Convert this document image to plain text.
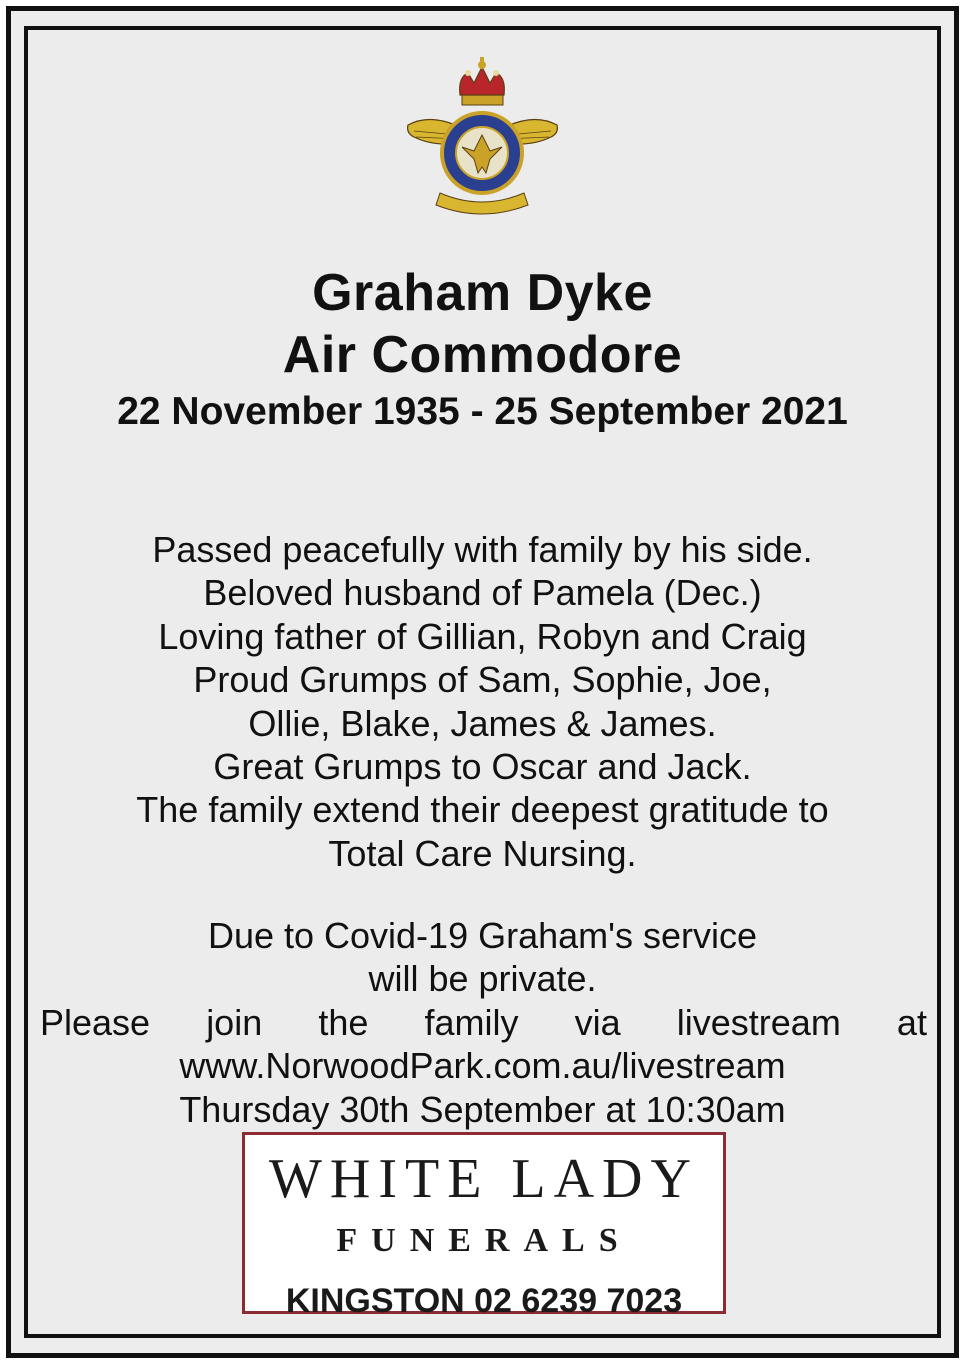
Graham Dyke
Air Commodore
22 November 1935 - 25 September 2021
Passed peacefully with family by his side.
Beloved husband of Pamela (Dec.)
Loving father of Gillian, Robyn and Craig
Proud Grumps of Sam, Sophie, Joe,
Ollie, Blake, James & James.
Great Grumps to Oscar and Jack.
The family extend their deepest gratitude to
Total Care Nursing.
Due to Covid-19 Graham's service
will be private.
Please join the family via livestream at
www.NorwoodPark.com.au/livestream
Thursday 30th September at 10:30am
WHITE LADY
FUNERALS
KINGSTON 02 6239 7023
